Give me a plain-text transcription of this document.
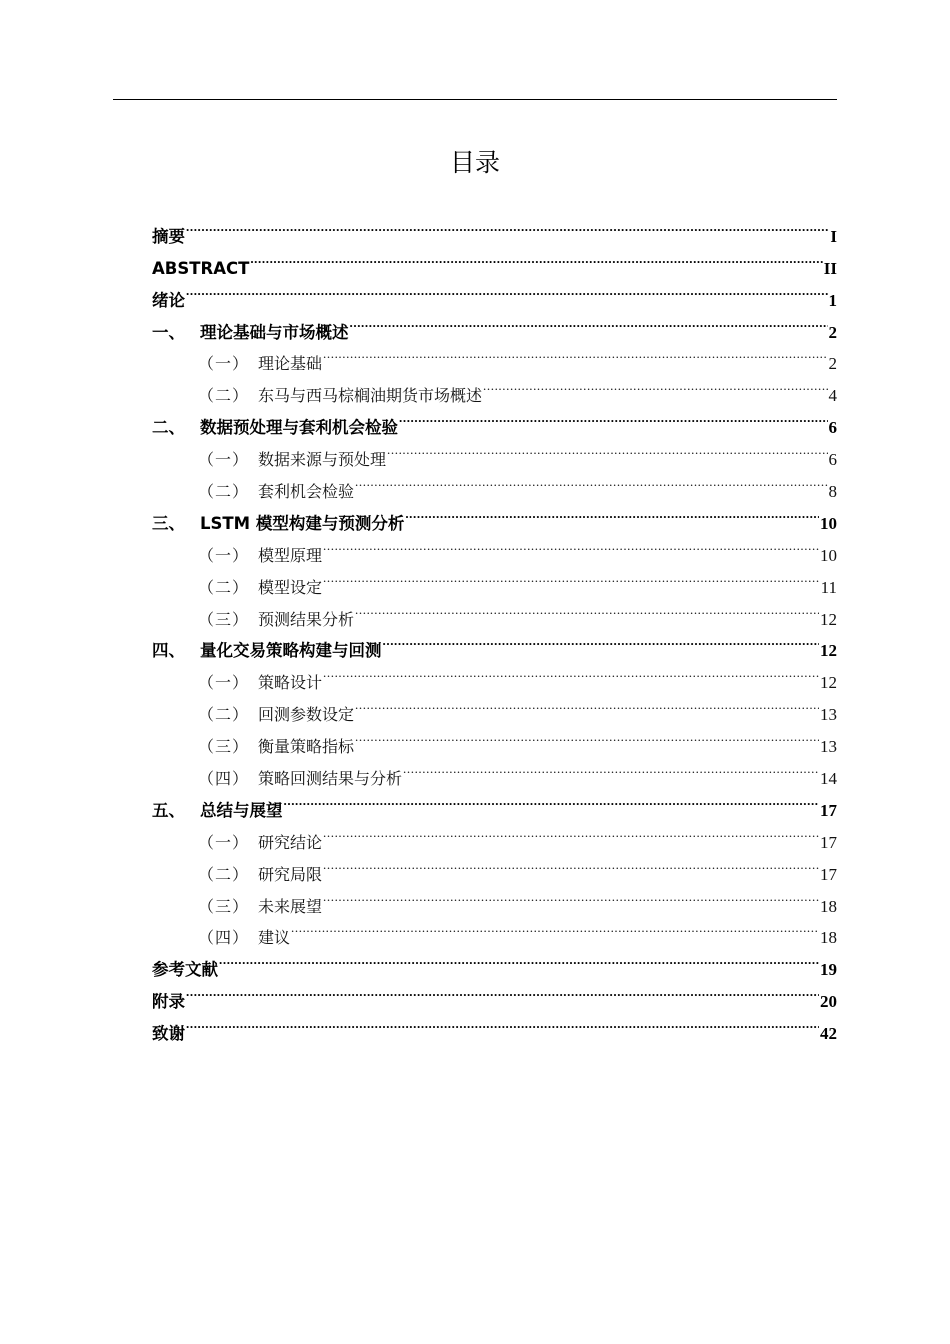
目录
摘要 .....	I
ABSTRACT .....	II
绪论 .....	1
一、 理论基础与市场概述 .....	2
（一） 理论基础 .....	2
（二） 东马与西马棕榈油期货市场概述 .....	4
二、 数据预处理与套利机会检验 .....	6
（一） 数据来源与预处理 .....	6
（二） 套利机会检验 .....	8
三、 LSTM 模型构建与预测分析 .....	10
（一） 模型原理 .....	10
（二） 模型设定 .....	11
（三） 预测结果分析 .....	12
四、 量化交易策略构建与回测 .....	12
（一） 策略设计 .....	12
（二） 回测参数设定 .....	13
（三） 衡量策略指标 .....	13
（四） 策略回测结果与分析 .....	14
五、 总结与展望 .....	17
（一） 研究结论 .....	17
（二） 研究局限 .....	17
（三） 未来展望 .....	18
（四） 建议 .....	18
参考文献 .....	19
附录 .....	20
致谢 .....	42
